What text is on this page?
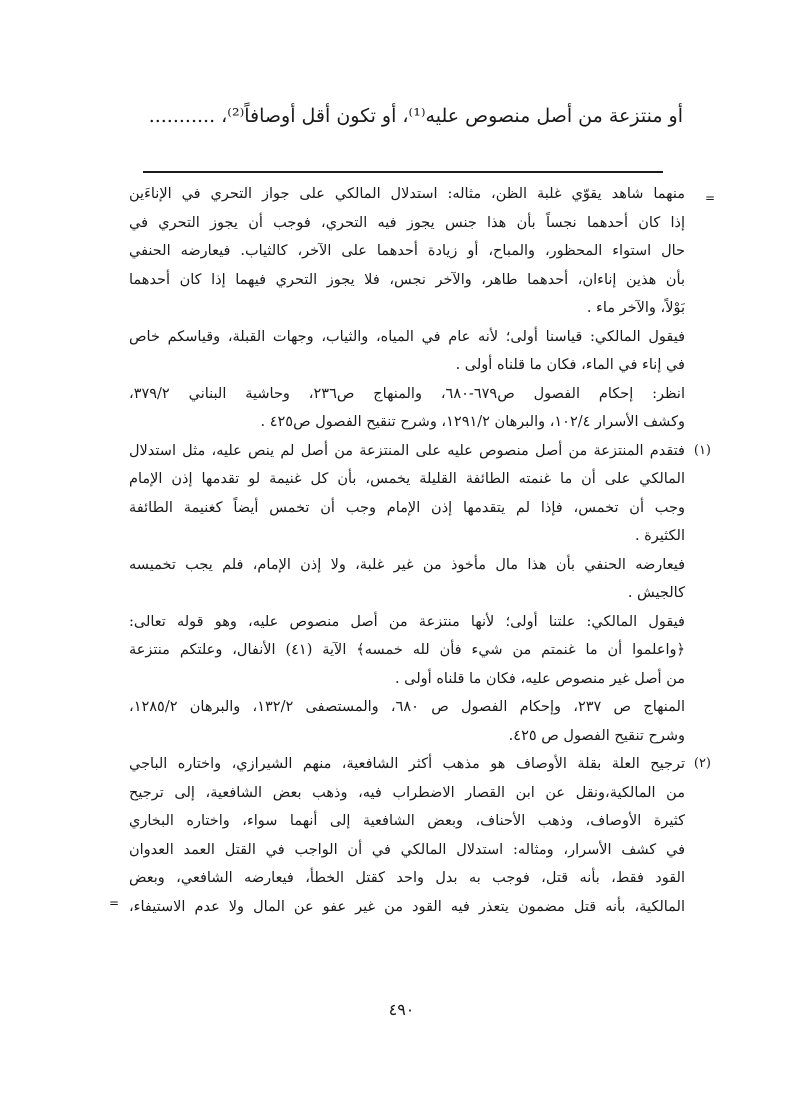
أو منتزعة من أصل منصوص عليه⁽¹⁾، أو تكون أقل أوصافاً⁽²⁾، ...........
=
منهما شاهد يقوّي غلبة الظن، مثاله: استدلال المالكي على جواز التحري في الإناءَين
إذا كان أحدهما نجساً بأن هذا جنس يجوز فيه التحري، فوجب أن يجوز التحري في
حال استواء المحظور، والمباح، أو زيادة أحدهما على الآخر، كالثياب. فيعارضه الحنفي
بأن هذين إناءان، أحدهما طاهر، والآخر نجس، فلا يجوز التحري فيهما إذا كان أحدهما
بَوْلاً، والآخر ماء .
فيقول المالكي: قياسنا أولى؛ لأنه عام في المياه، والثياب، وجهات القبلة، وقياسكم خاص
في إناء في الماء، فكان ما قلناه أولى .
انظر: إحكام الفصول ص٦٧٩-٦٨٠، والمنهاج ص٢٣٦، وحاشية البناني ٣٧٩/٢،
وكشف الأسرار ١٠٢/٤، والبرهان ١٢٩١/٢، وشرح تنقيح الفصول ص٤٢٥ .
(١)
فتقدم المنتزعة من أصل منصوص عليه على المنتزعة من أصل لم ينص عليه، مثل استدلال
المالكي على أن ما غنمته الطائفة القليلة يخمس، بأن كل غنيمة لو تقدمها إذن الإمام
وجب أن تخمس، فإذا لم يتقدمها إذن الإمام وجب أن تخمس أيضاً كغنيمة الطائفة
الكثيرة .
فيعارضه الحنفي بأن هذا مال مأخوذ من غير غلبة، ولا إذن الإمام، فلم يجب تخميسه
كالجيش .
فيقول المالكي: علتنا أولى؛ لأنها منتزعة من أصل منصوص عليه، وهو قوله تعالى:
﴿واعلموا أن ما غنمتم من شيء فأن لله خمسه﴾ الآية (٤١) الأنفال، وعلتكم منتزعة
من أصل غير منصوص عليه، فكان ما قلناه أولى .
المنهاج ص ٢٣٧، وإحكام الفصول ص ٦٨٠، والمستصفى ١٣٢/٢، والبرهان ١٢٨٥/٢،
وشرح تنقيح الفصول ص ٤٢٥.
(٢)
ترجيح العلة بقلة الأوصاف هو مذهب أكثر الشافعية، منهم الشيرازي، واختاره الباجي
من المالكية،ونقل عن ابن القصار الاضطراب فيه، وذهب بعض الشافعية، إلى ترجيح
كثيرة الأوصاف، وذهب الأحناف، وبعض الشافعية إلى أنهما سواء، واختاره البخاري
في كشف الأسرار، ومثاله: استدلال المالكي في أن الواجب في القتل العمد العدوان
القود فقط، بأنه قتل، فوجب به بدل واحد كقتل الخطأ، فيعارضه الشافعي، وبعض
المالكية، بأنه قتل مضمون يتعذر فيه القود من غير عفو عن المال ولا عدم الاستيفاء،
=
٤٩٠
